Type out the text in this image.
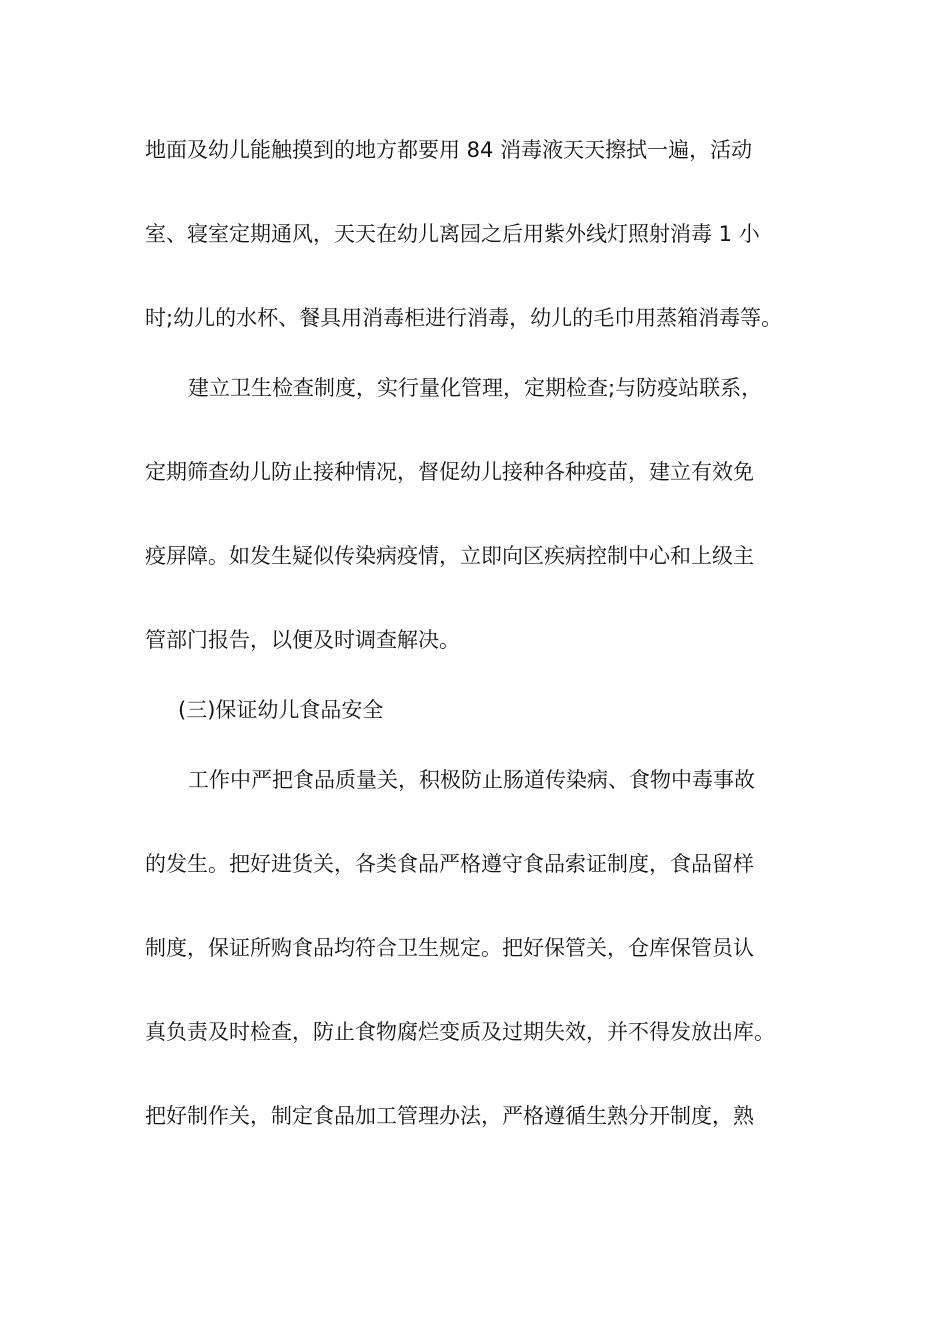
地面及幼儿能触摸到的地方都要用 84 消毒液天天擦拭一遍，活动
室、寝室定期通风，天天在幼儿离园之后用紫外线灯照射消毒 1 小
时;幼儿的水杯、餐具用消毒柜进行消毒，幼儿的毛巾用蒸箱消毒等。
建立卫生检查制度，实行量化管理，定期检查;与防疫站联系，
定期筛查幼儿防止接种情况，督促幼儿接种各种疫苗，建立有效免
疫屏障。如发生疑似传染病疫情，立即向区疾病控制中心和上级主
管部门报告，以便及时调查解决。
(三)保证幼儿食品安全
工作中严把食品质量关，积极防止肠道传染病、食物中毒事故
的发生。把好进货关，各类食品严格遵守食品索证制度，食品留样
制度，保证所购食品均符合卫生规定。把好保管关，仓库保管员认
真负责及时检查，防止食物腐烂变质及过期失效，并不得发放出库。
把好制作关，制定食品加工管理办法，严格遵循生熟分开制度，熟
